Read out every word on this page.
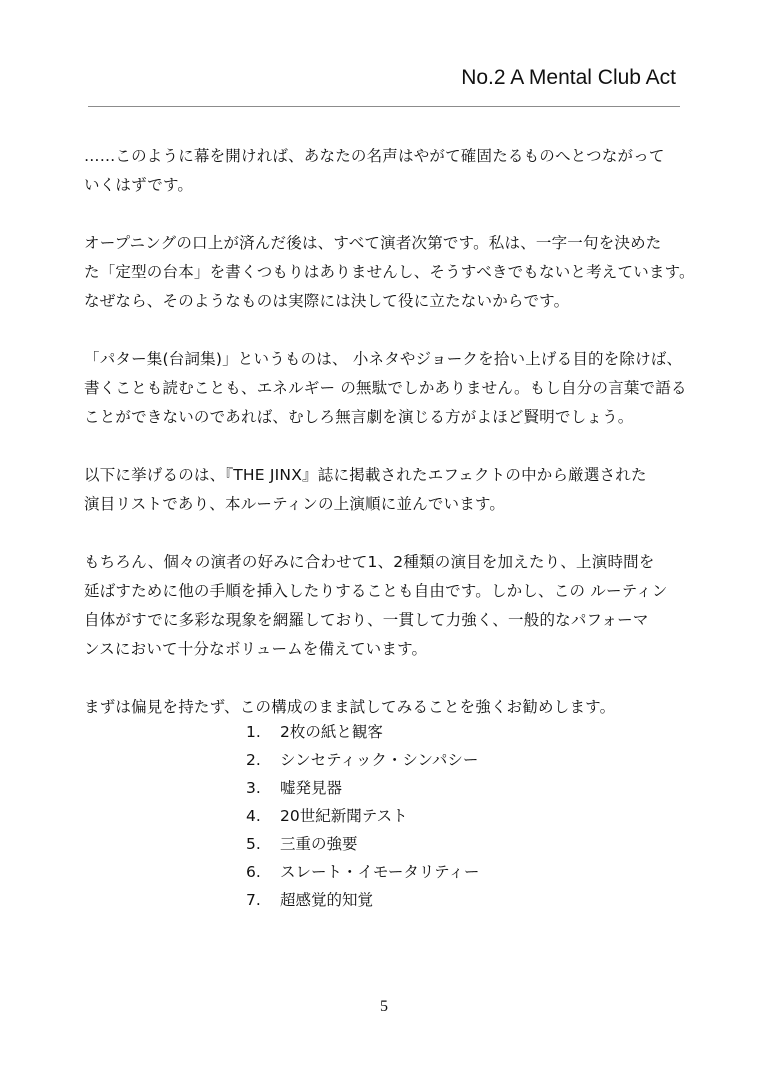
No.2 A Mental Club Act

……このように幕を開ければ、あなたの名声はやがて確固たるものへとつながって
いくはずです。

オープニングの口上が済んだ後は、すべて演者次第です。私は、一字一句を決めた
た「定型の台本」を書くつもりはありませんし、そうすべきでもないと考えています。
なぜなら、そのようなものは実際には決して役に立たないからです。

「パター集(台詞集)」というものは、 小ネタやジョークを拾い上げる目的を除けば、
書くことも読むことも、エネルギー の無駄でしかありません。もし自分の言葉で語る
ことができないのであれば、むしろ無言劇を演じる方がよほど賢明でしょう。

以下に挙げるのは、『THE JINX』誌に掲載されたエフェクトの中から厳選された
演目リストであり、本ルーティンの上演順に並んでいます。

もちろん、個々の演者の好みに合わせて1、2種類の演目を加えたり、上演時間を
延ばすために他の手順を挿入したりすることも自由です。しかし、この ルーティン
自体がすでに多彩な現象を網羅しており、一貫して力強く、一般的なパフォーマ
ンスにおいて十分なボリュームを備えています。

まずは偏見を持たず、この構成のまま試してみることを強くお勧めします。

1. 2枚の紙と観客
2. シンセティック・シンパシー
3. 嘘発見器
4. 20世紀新聞テスト
5. 三重の強要
6. スレート・イモータリティー
7. 超感覚的知覚
5
